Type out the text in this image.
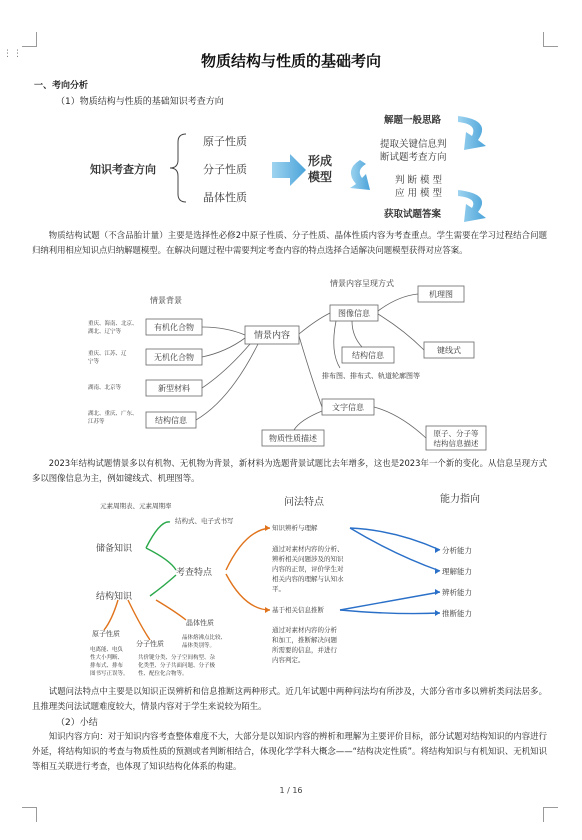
⋮⋮	物质结构与性质的基础考向
一、考向分析
（1）物质结构与性质的基础知识考查方向
知识考查方向
原子性质
分子性质
晶体性质
形成
模型
解题一般思路
提取关键信息判
断试题考查方向
判 断 模 型
应 用 模 型
获取试题答案
物质结构试题（不含品胎计量）主要是选择性必修2中原子性质、分子性质、晶体性质内容为考查重点。学生需要在学习过程结合问题归纳利用相应知识点归纳解题模型。在解决问题过程中需要判定考查内容的特点选择合适解决问题模型获得对应答案。
情景背景
情景内容呈现方式
重庆、海南、北京、
湖北、辽宁等
重庆、江苏、辽
宁等
湖南、北京等
湖北、重庆、广东、
江苏等
有机化合物
无机化合物
新型材料
结构信息
情景内容
图像信息
机理图
键线式
结构信息
排布图、排布式、轨道轮廓图等
文字信息
物质性质描述
原子、分子等
结构信息描述
2023年结构试题情景多以有机物、无机物为背景，新材料为选题背景试题比去年增多，这也是2023年一个新的变化。从信息呈现方式多以图像信息为主，例如键线式、机理图等。
问法特点	能力指向
元素周期表、元素周期率
结构式、电子式书写
储备知识
考查特点
结构知识
知识辨析与理解
通过对素材内容的分析、
辨析相关问题涉及的知识
内容的正误，评价学生对
相关内容的理解与认知水
平。
基于相关信息推断
通过对素材内容的分析
和加工，推断解决问题
所需要的信息，并进行
内容判定。
分析能力
理解能力
辨析能力
推断能力
晶体性质
晶体熔沸点比较、
晶体类别等。
原子性质
分子性质
电离能、电负
性大小判断、
排布式、排布
图书写正误等。
共价键分类、分子空间构型、杂
化类型、分子共面问题、分子极
性、配位化合物等。
试题问法特点中主要是以知识正误辨析和信息推断这两种形式。近几年试题中两种问法均有所涉及，大部分省市多以辨析类问法居多。且推理类问法试题难度较大，情景内容对于学生来说较为陌生。
（2）小结
知识内容方向：对于知识内容考查整体难度不大，大部分是以知识内容的辨析和理解为主要评价目标，部分试题对结构知识的内容进行外延，将结构知识的考查与物质性质的预测或者判断相结合，体现化学学科大概念——“结构决定性质”。将结构知识与有机知识、无机知识等相互关联进行考查，也体现了知识结构化体系的构建。
1 / 16
